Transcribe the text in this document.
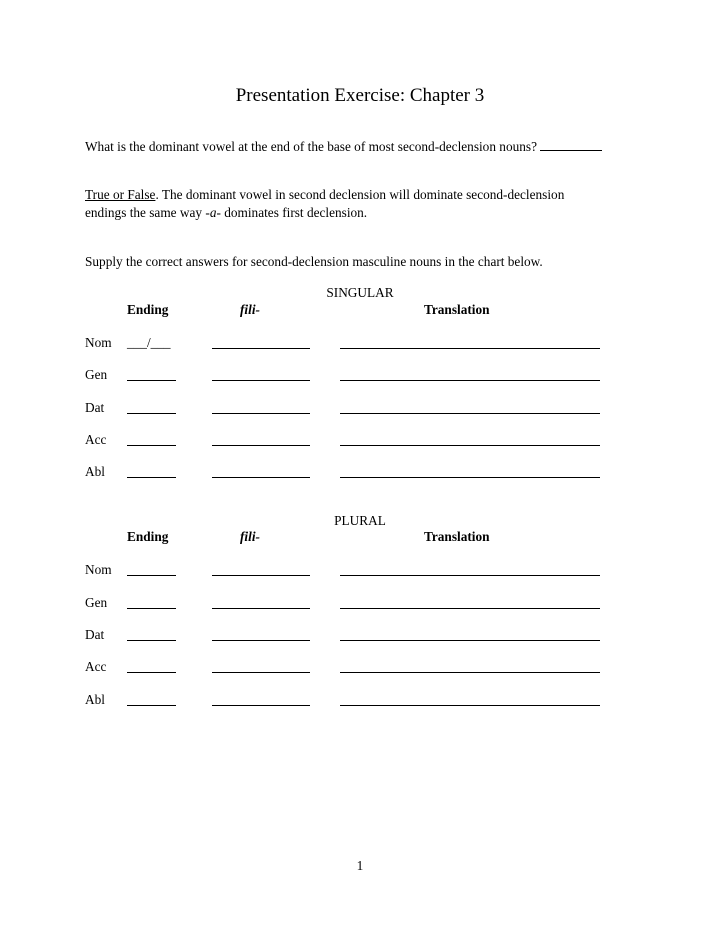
Presentation Exercise: Chapter 3
What is the dominant vowel at the end of the base of most second-declension nouns?
True or False. The dominant vowel in second declension will dominate second-declension
endings the same way -a- dominates first declension.
Supply the correct answers for second-declension masculine nouns in the chart below.
SINGULAR
Ending	fili-	Translation
Nom ___/___
Gen
Dat
Acc
Abl
PLURAL
Ending	fili-	Translation
Nom
Gen
Dat
Acc
Abl
1
